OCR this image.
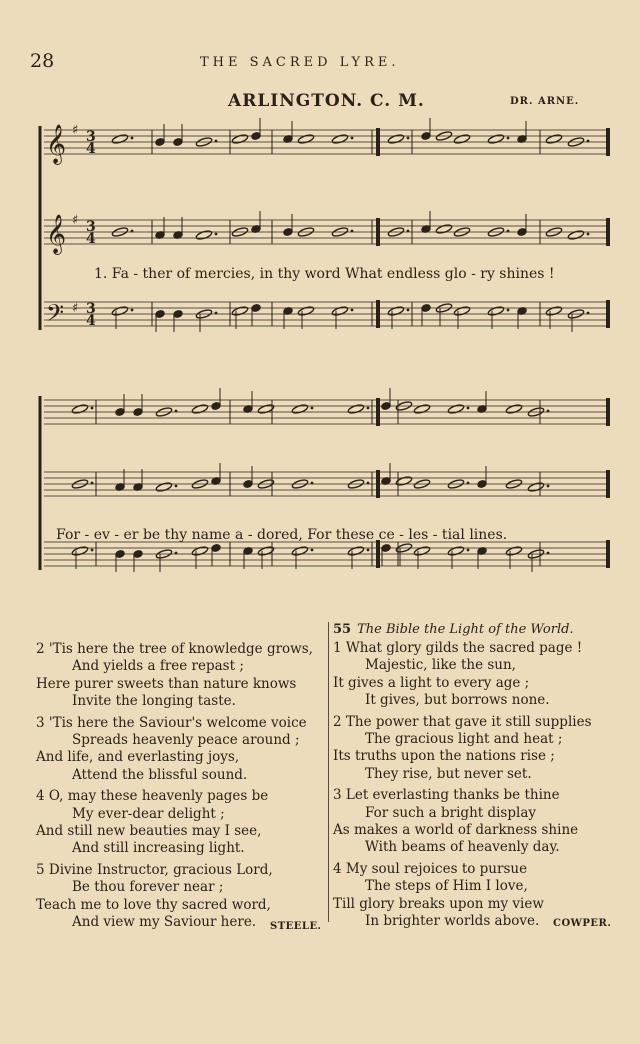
28	THE SACRED LYRE.
ARLINGTON. C. M.	DR. ARNE.
𝄞 ♯ 3
4
𝄞 ♯ 3
4
𝄢 ♯ 3
4
1. Fa - ther of mercies, in thy word What endless glo - ry shines !
For - ev - er be thy name a - dored, For these ce - les - tial lines.
2 'Tis here the tree of knowledge grows,
And yields a free repast ;
Here purer sweets than nature knows
Invite the longing taste.
3 'Tis here the Saviour's welcome voice
Spreads heavenly peace around ;
And life, and everlasting joys,
Attend the blissful sound.
4 O, may these heavenly pages be
My ever-dear delight ;
And still new beauties may I see,
And still increasing light.
5 Divine Instructor, gracious Lord,
Be thou forever near ;
Teach me to love thy sacred word,
And view my Saviour here.
55 The Bible the Light of the World.
1 What glory gilds the sacred page !
Majestic, like the sun,
It gives a light to every age ;
It gives, but borrows none.
2 The power that gave it still supplies
The gracious light and heat ;
Its truths upon the nations rise ;
They rise, but never set.
3 Let everlasting thanks be thine
For such a bright display
As makes a world of darkness shine
With beams of heavenly day.
4 My soul rejoices to pursue
The steps of Him I love,
Till glory breaks upon my view
In brighter worlds above.
STEELE.	COWPER.
